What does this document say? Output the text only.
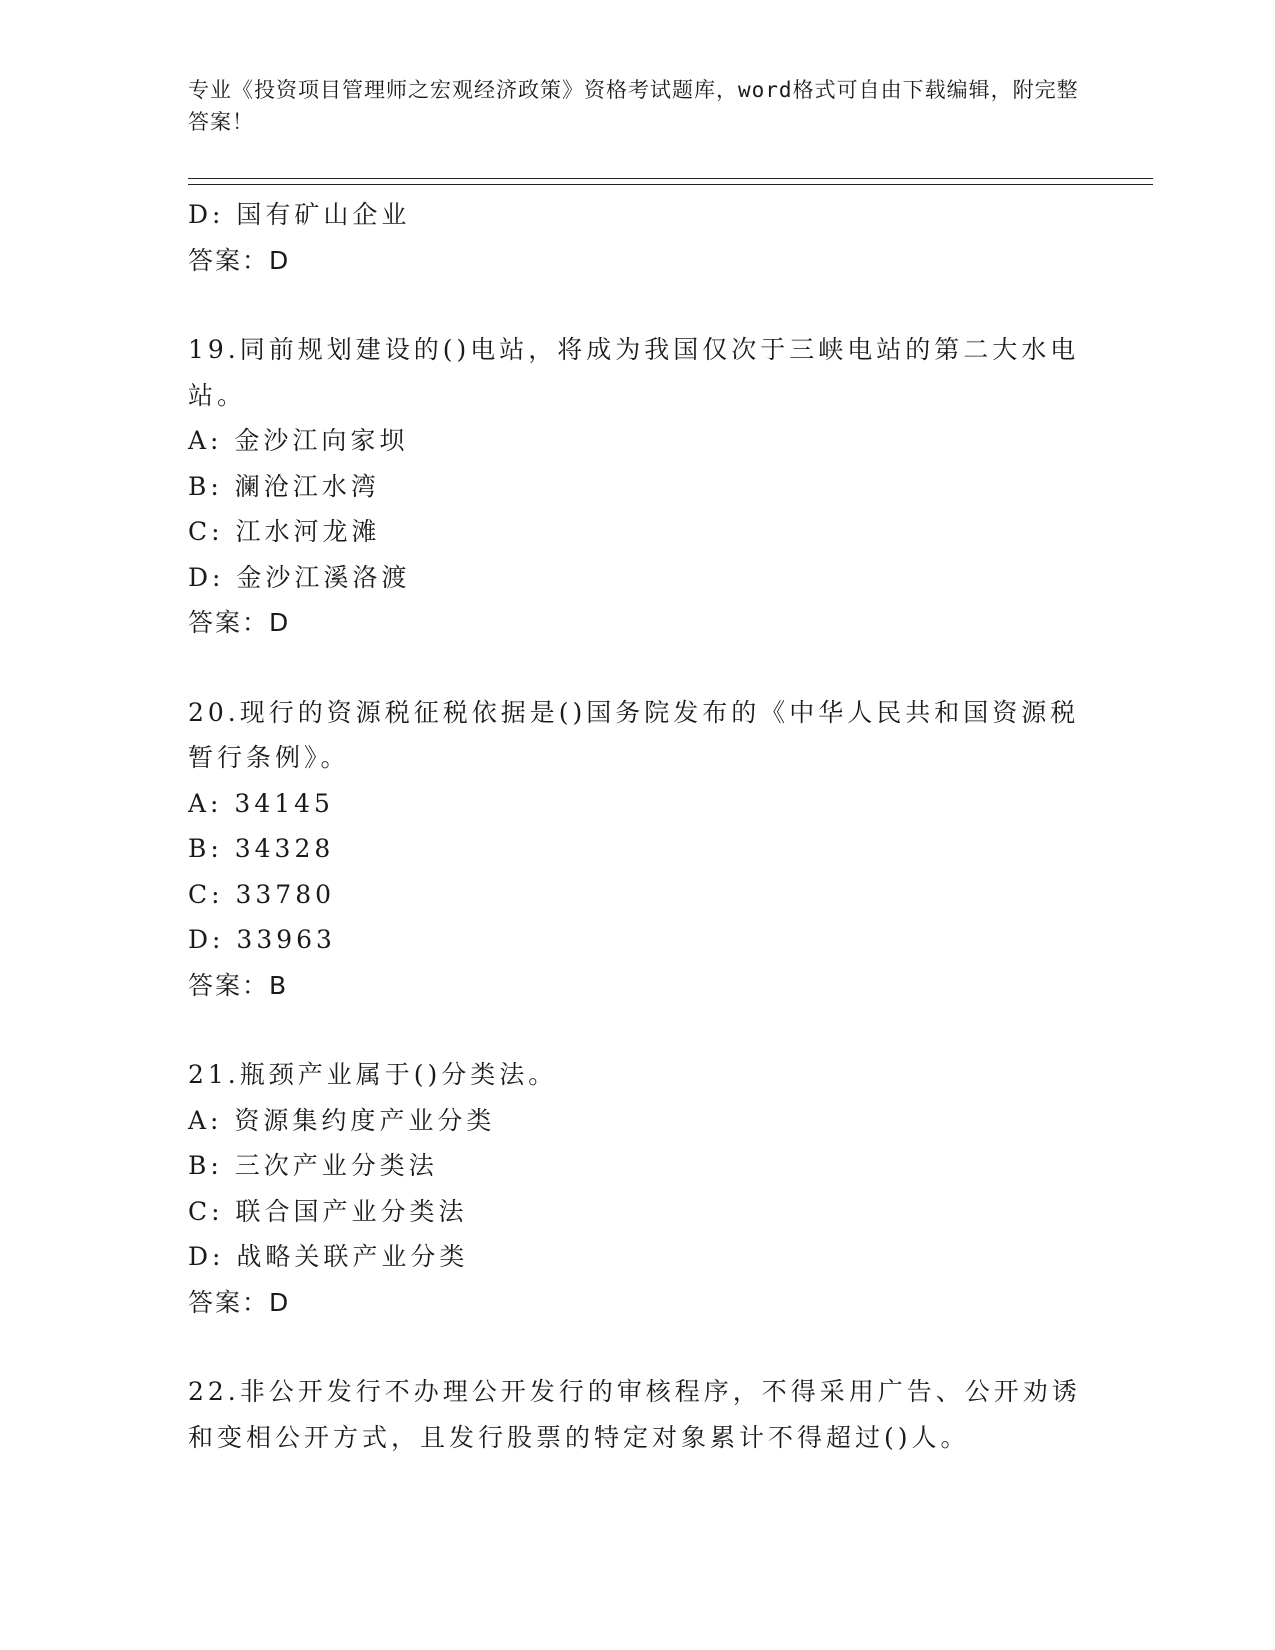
专业《投资项目管理师之宏观经济政策》资格考试题库，word格式可自由下载编辑，附完整答案！
D: 国有矿山企业
答案：D
19.同前规划建设的()电站，将成为我国仅次于三峡电站的第二大水电
站。
A: 金沙江向家坝
B: 澜沧江水湾
C: 江水河龙滩
D: 金沙江溪洛渡
答案：D
20.现行的资源税征税依据是()国务院发布的《中华人民共和国资源税
暂行条例》。
A: 34145
B: 34328
C: 33780
D: 33963
答案：B
21.瓶颈产业属于()分类法。
A: 资源集约度产业分类
B: 三次产业分类法
C: 联合国产业分类法
D: 战略关联产业分类
答案：D
22.非公开发行不办理公开发行的审核程序，不得采用广告、公开劝诱
和变相公开方式，且发行股票的特定对象累计不得超过()人。
